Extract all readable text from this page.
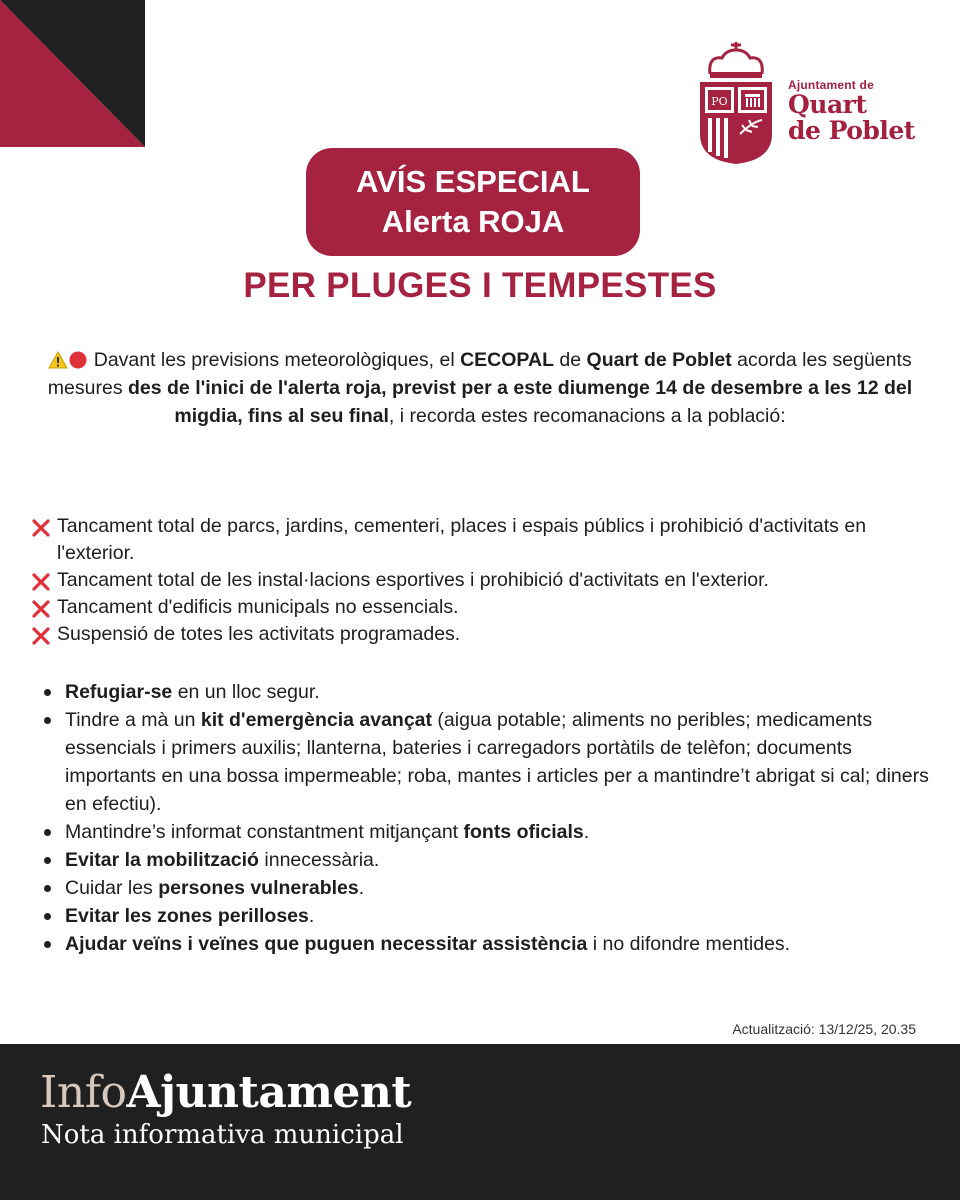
PO
Ajuntament de
Quart
de Poblet
AVÍS ESPECIAL
Alerta ROJA
PER PLUGES I TEMPESTES
Davant les previsions meteorològiques, el CECOPAL de Quart de Poblet acorda les següents mesures des de l'inici de l'alerta roja, previst per a este diumenge 14 de desembre a les 12 del migdia, fins al seu final, i recorda estes recomanacions a la població:
Tancament total de parcs, jardins, cementeri, places i espais públics i prohibició d'activitats en l'exterior.
Tancament total de les instal·lacions esportives i prohibició d'activitats en l'exterior.
Tancament d'edificis municipals no essencials.
Suspensió de totes les activitats programades.
Refugiar-se en un lloc segur.
Tindre a mà un kit d'emergència avançat (aigua potable; aliments no peribles; medicaments essencials i primers auxilis; llanterna, bateries i carregadors portàtils de telèfon; documents importants en una bossa impermeable; roba, mantes i articles per a mantindre’t abrigat si cal; diners en efectiu).
Mantindre’s informat constantment mitjançant fonts oficials.
Evitar la mobilització innecessària.
Cuidar les persones vulnerables.
Evitar les zones perilloses.
Ajudar veïns i veïnes que puguen necessitar assistència i no difondre mentides.
Actualització: 13/12/25, 20.35
InfoAjuntament
Nota informativa municipal
